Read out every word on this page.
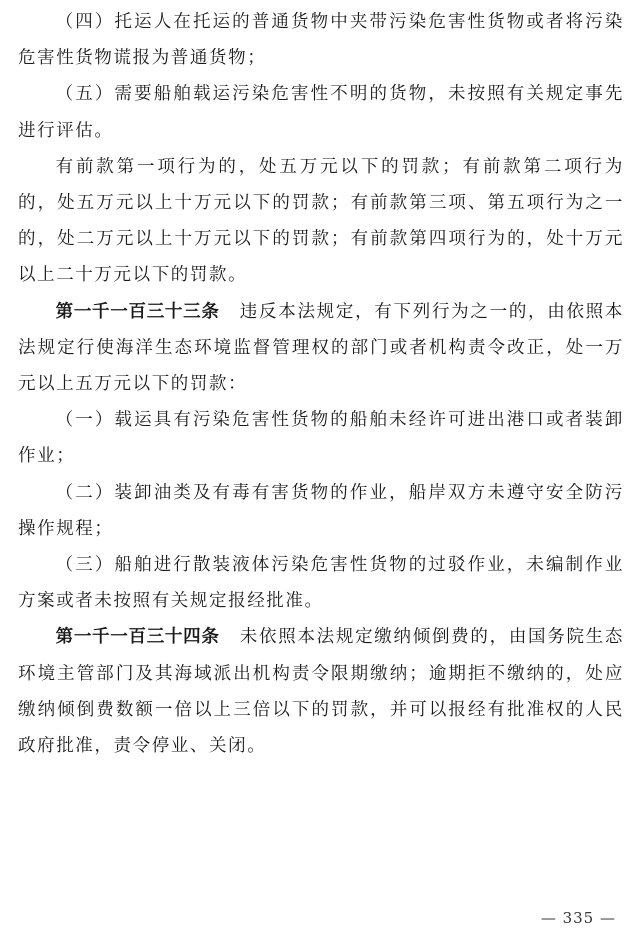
（四）托运人在托运的普通货物中夹带污染危害性货物或者将污染危害性货物谎报为普通货物；

（五）需要船舶载运污染危害性不明的货物，未按照有关规定事先进行评估。

有前款第一项行为的，处五万元以下的罚款；有前款第二项行为的，处五万元以上十万元以下的罚款；有前款第三项、第五项行为之一的，处二万元以上十万元以下的罚款；有前款第四项行为的，处十万元以上二十万元以下的罚款。

第一千一百三十三条 违反本法规定，有下列行为之一的，由依照本法规定行使海洋生态环境监督管理权的部门或者机构责令改正，处一万元以上五万元以下的罚款：

（一）载运具有污染危害性货物的船舶未经许可进出港口或者装卸作业；

（二）装卸油类及有毒有害货物的作业，船岸双方未遵守安全防污操作规程；

（三）船舶进行散装液体污染危害性货物的过驳作业，未编制作业方案或者未按照有关规定报经批准。

第一千一百三十四条 未依照本法规定缴纳倾倒费的，由国务院生态环境主管部门及其海域派出机构责令限期缴纳；逾期拒不缴纳的，处应缴纳倾倒费数额一倍以上三倍以下的罚款，并可以报经有批准权的人民政府批准，责令停业、关闭。

— 335 —
